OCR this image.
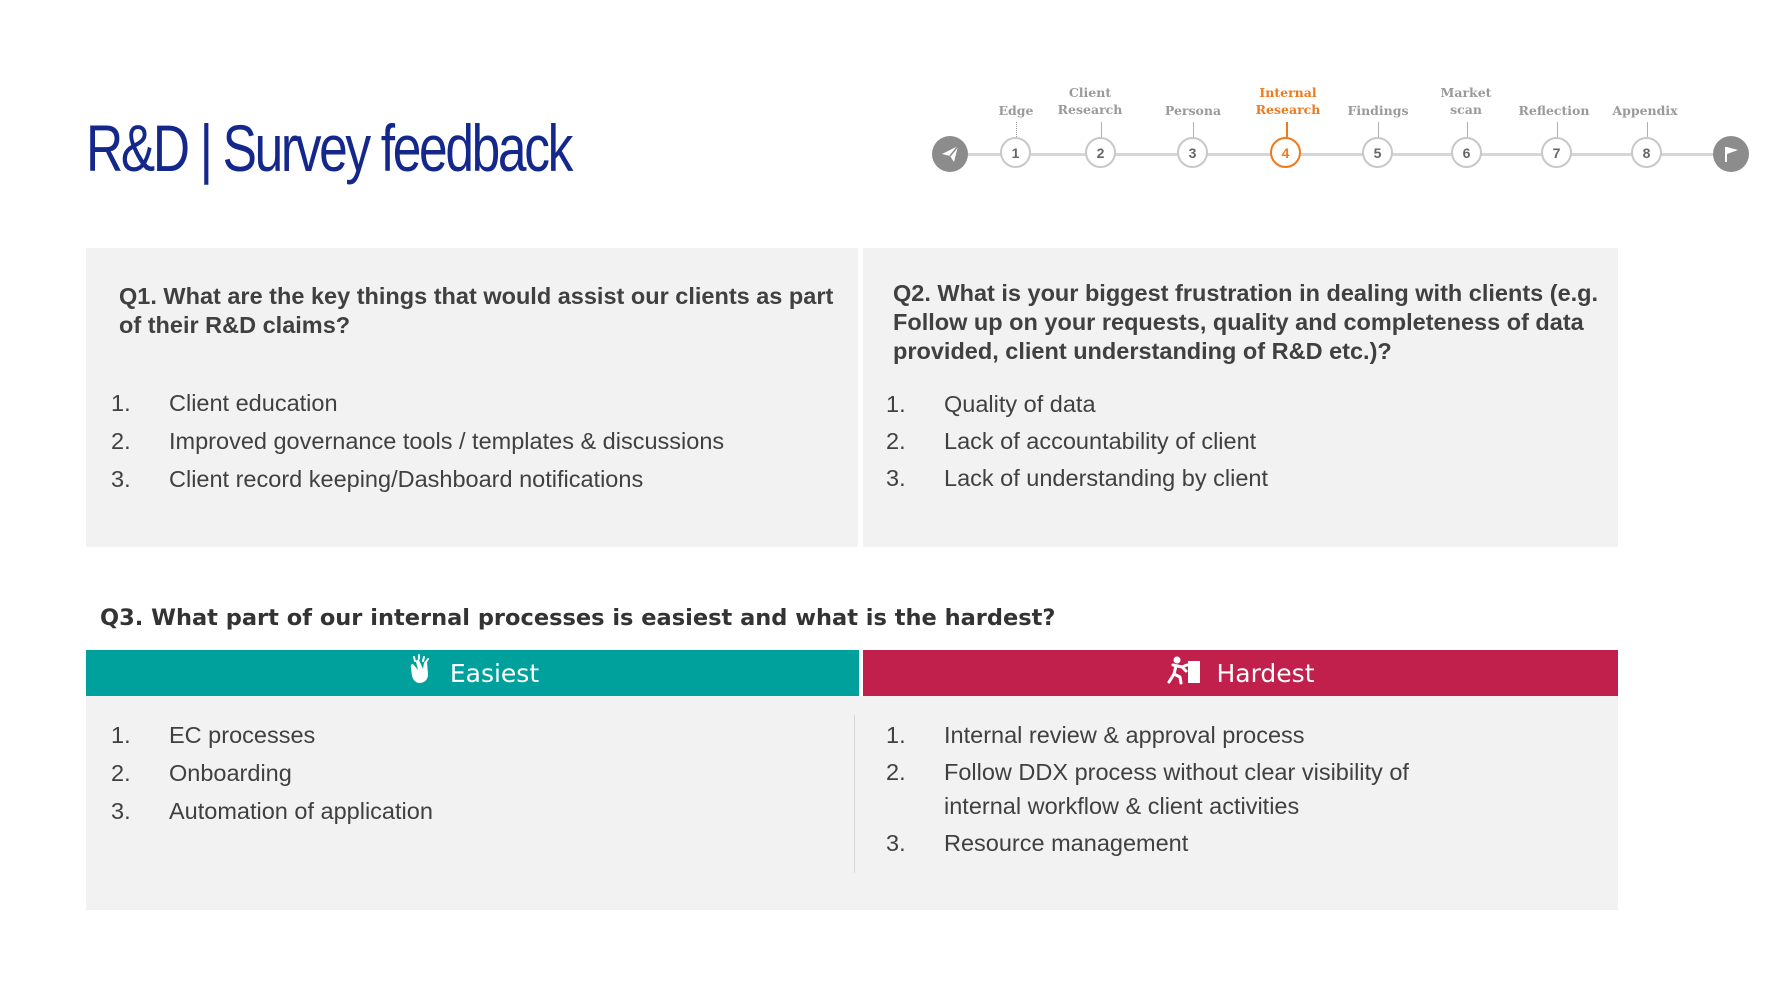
R&D | Survey feedback
Edge
1
Client Research
2
Persona
3
Internal Research
4
Findings
5
Market scan
6
Reflection
7
Appendix
8
Q1. What are the key things that would assist our clients as part of their R&D claims?
1. Client education
2. Improved governance tools / templates & discussions
3. Client record keeping/Dashboard notifications
Q2. What is your biggest frustration in dealing with clients (e.g. Follow up on your requests, quality and completeness of data provided, client understanding of R&D etc.)?
1. Quality of data
2. Lack of accountability of client
3. Lack of understanding by client
Q3. What part of our internal processes is easiest and what is the hardest?
Easiest	Hardest
1. EC processes
2. Onboarding
3. Automation of application
1. Internal review & approval process
2. Follow DDX process without clear visibility of internal workflow & client activities
3. Resource management
